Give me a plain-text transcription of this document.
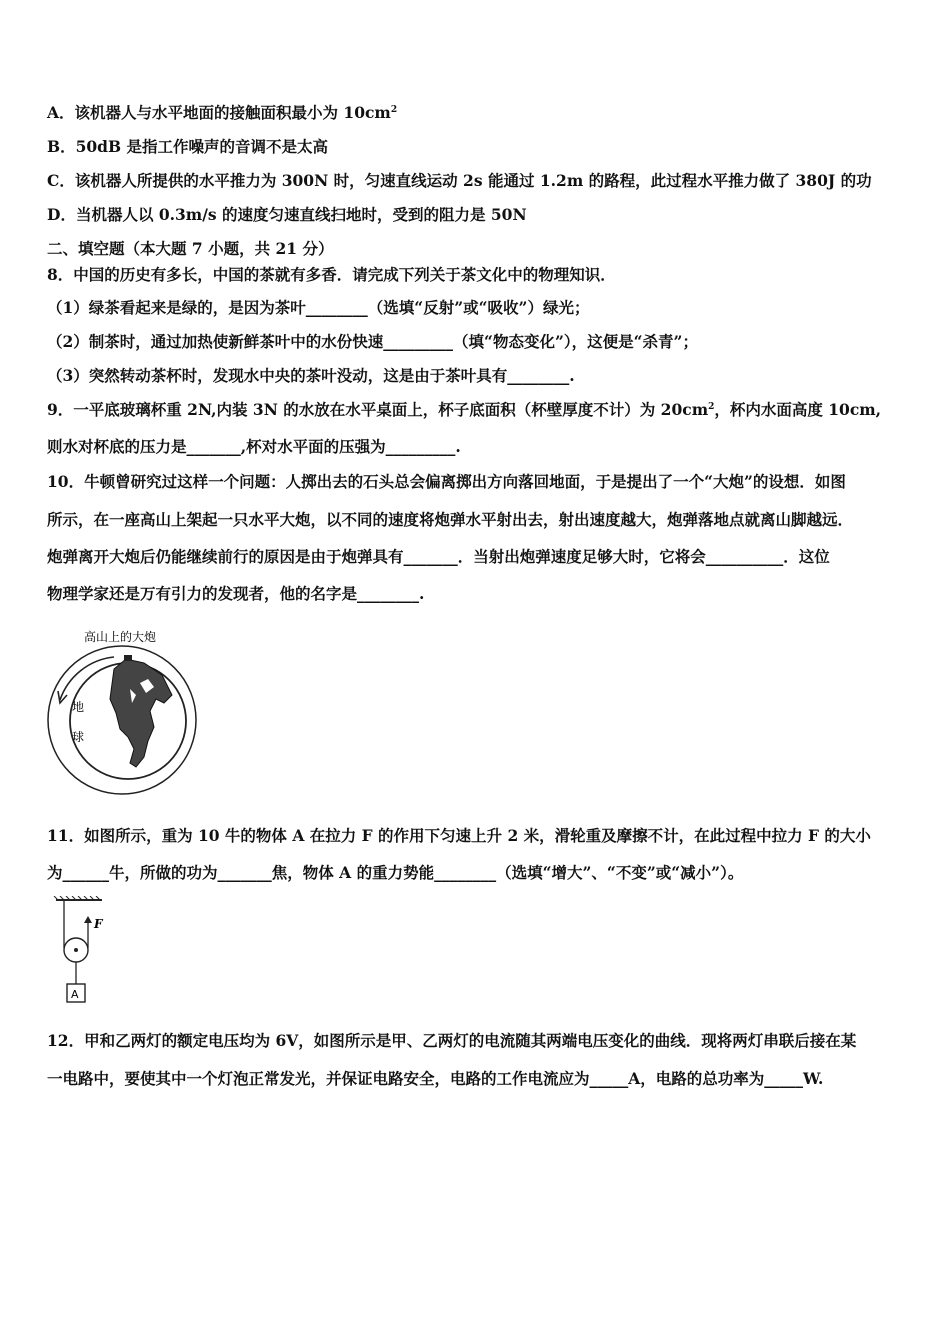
A．该机器人与水平地面的接触面积最小为 $10cm^2$
B．50dB 是指工作噪声的音调不是太高
C．该机器人所提供的水平推力为 300N 时，匀速直线运动 2s 能通过 1.2m 的路程，此过程水平推力做了 380J 的功
D．当机器人以 0.3m/s 的速度匀速直线扫地时，受到的阻力是 50N
二、填空题（本大题 7 小题，共 21 分）
8．中国的历史有多长，中国的茶就有多香．请完成下列关于茶文化中的物理知识．
（1）绿茶看起来是绿的，是因为茶叶________（选填“反射”或“吸收”）绿光；
（2）制茶时，通过加热使新鲜茶叶中的水份快速_________（填“物态变化”），这便是“杀青”；
（3）突然转动茶杯时，发现水中央的茶叶没动，这是由于茶叶具有________.
9．一平底玻璃杯重 2N,内装 3N 的水放在水平桌面上，杯子底面积（杯壁厚度不计）为 $20cm^2$，杯内水面高度 10cm,
则水对杯底的压力是_______,杯对水平面的压强为_________.
10．牛顿曾研究过这样一个问题：人掷出去的石头总会偏离掷出方向落回地面，于是提出了一个“大炮”的设想．如图
所示，在一座高山上架起一只水平大炮，以不同的速度将炮弹水平射出去，射出速度越大，炮弹落地点就离山脚越远．
炮弹离开大炮后仍能继续前行的原因是由于炮弹具有_______．当射出炮弹速度足够大时，它将会__________．这位
物理学家还是万有引力的发现者，他的名字是________.
高山上的大炮
地
球
11．如图所示，重为 10 牛的物体 A 在拉力 F 的作用下匀速上升 2 米，滑轮重及摩擦不计，在此过程中拉力 F 的大小
为______牛，所做的功为_______焦，物体 A 的重力势能________（选填“增大”、“不变”或“减小”）。
F
A
12．甲和乙两灯的额定电压均为 6V，如图所示是甲、乙两灯的电流随其两端电压变化的曲线．现将两灯串联后接在某
一电路中，要使其中一个灯泡正常发光，并保证电路安全，电路的工作电流应为_____A，电路的总功率为_____W.
